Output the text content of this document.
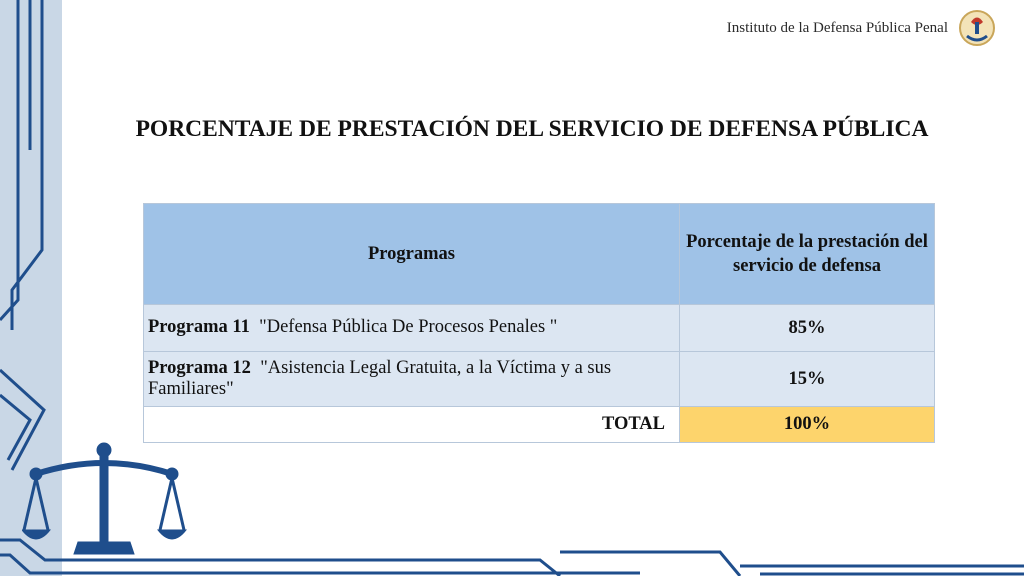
Instituto de la Defensa Pública Penal
PORCENTAJE DE PRESTACIÓN DEL SERVICIO DE DEFENSA PÚBLICA
Programas	Porcentaje de la prestación del servicio de defensa
Programa 11 "Defensa Pública De Procesos Penales "	85%
Programa 12 "Asistencia Legal Gratuita, a la Víctima y a sus Familiares"	15%
TOTAL	100%
